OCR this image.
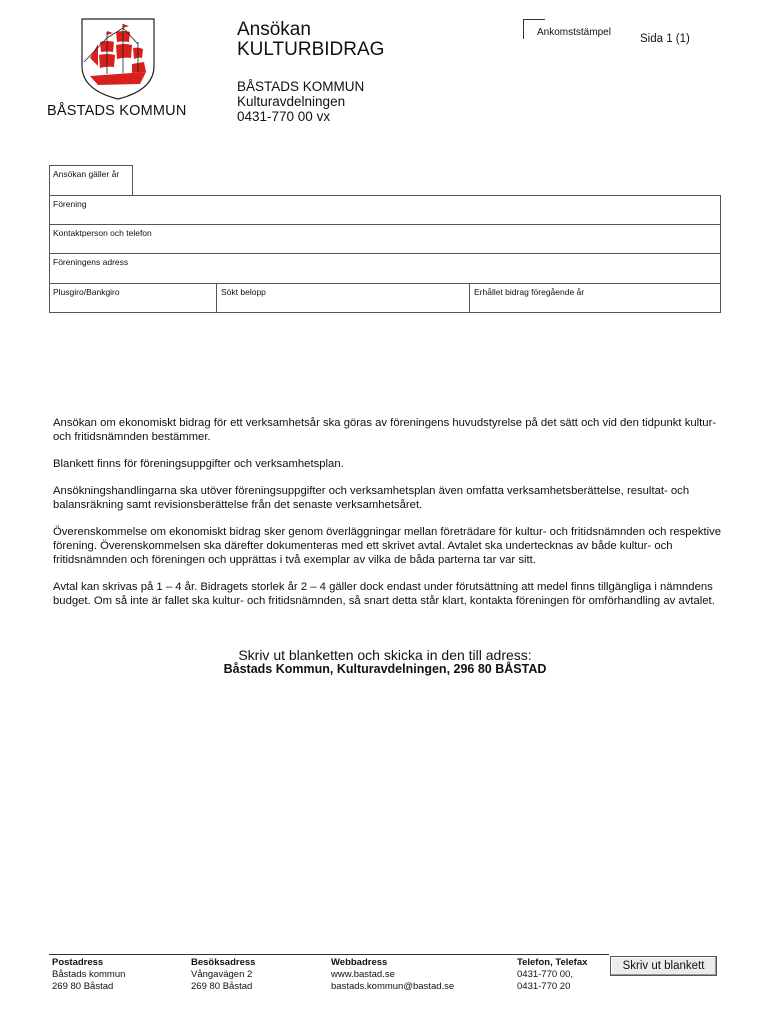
BÅSTADS KOMMUN
Ansökan
KULTURBIDRAG
BÅSTADS KOMMUN
Kulturavdelningen
0431-770 00 vx
Ankomststämpel
Sida 1 (1)
Ansökan gäller år
Förening
Kontaktperson och telefon
Föreningens adress
Plusgiro/Bankgiro	Sökt belopp	Erhållet bidrag föregående år

Ansökan om ekonomiskt bidrag för ett verksamhetsår ska göras av föreningens huvudstyrelse på det sätt och vid den tidpunkt kultur- och fritidsnämnden bestämmer.

Blankett finns för föreningsuppgifter och verksamhetsplan.

Ansökningshandlingarna ska utöver föreningsuppgifter och verksamhetsplan även omfatta verksamhetsberättelse, resultat- och balansräkning samt revisionsberättelse från det senaste verksamhetsåret.

Överenskommelse om ekonomiskt bidrag sker genom överläggningar mellan företrädare för kultur- och fritidsnämnden och respektive förening. Överenskommelsen ska därefter dokumenteras med ett skrivet avtal. Avtalet ska undertecknas av både kultur- och fritidsnämnden och föreningen och upprättas i två exemplar av vilka de båda parterna tar var sitt.

Avtal kan skrivas på 1 – 4 år. Bidragets storlek år 2 – 4 gäller dock endast under förutsättning att medel finns tillgängliga i nämndens budget. Om så inte är fallet ska kultur- och fritidsnämnden, så snart detta står klart, kontakta föreningen för omförhandling av avtalet.

Skriv ut blanketten och skicka in den till adress:
Båstads Kommun, Kulturavdelningen, 296 80 BÅSTAD
Postadress
Båstads kommun
269 80 Båstad
Besöksadress
Vångavägen 2
269 80 Båstad
Webbadress
www.bastad.se
bastads.kommun@bastad.se
Telefon, Telefax
0431-770 00,
0431-770 20
Skriv ut blankett
